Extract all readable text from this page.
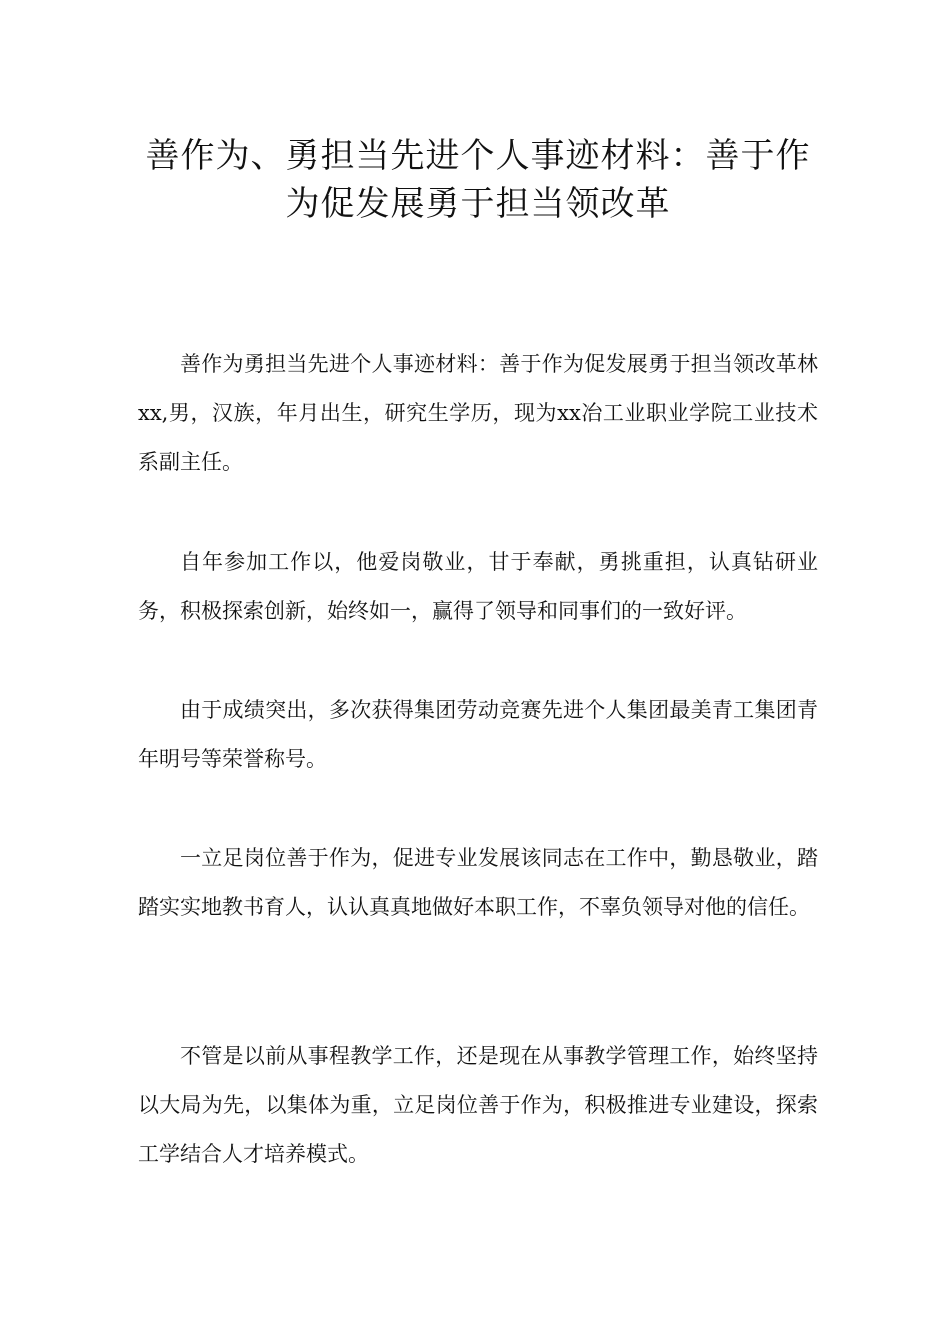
善作为、勇担当先进个人事迹材料：善于作
为促发展勇于担当领改革

善作为勇担当先进个人事迹材料：善于作为促发展勇于担当领改革林xx,男，汉族，年月出生，研究生学历，现为xx冶工业职业学院工业技术系副主任。

自年参加工作以，他爱岗敬业，甘于奉献，勇挑重担，认真钻研业务，积极探索创新，始终如一，赢得了领导和同事们的一致好评。

由于成绩突出，多次获得集团劳动竞赛先进个人集团最美青工集团青年明号等荣誉称号。

一立足岗位善于作为，促进专业发展该同志在工作中，勤恳敬业，踏踏实实地教书育人，认认真真地做好本职工作，不辜负领导对他的信任。

不管是以前从事程教学工作，还是现在从事教学管理工作，始终坚持以大局为先，以集体为重，立足岗位善于作为，积极推进专业建设，探索工学结合人才培养模式。
